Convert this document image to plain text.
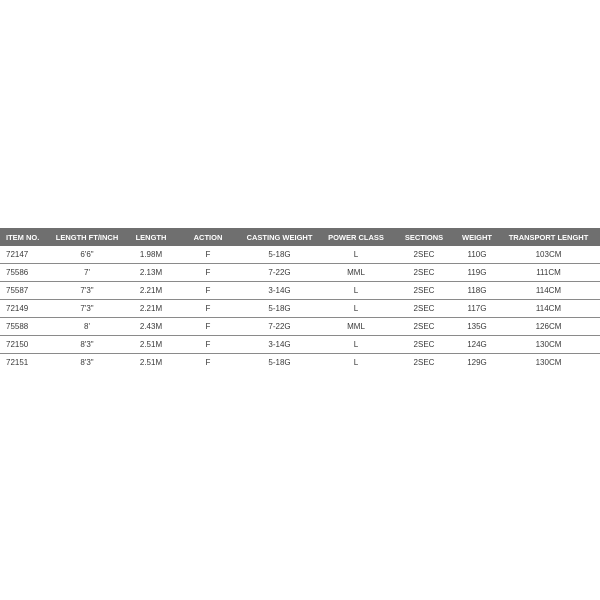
ITEM NO.	LENGTH FT/INCH	LENGTH	ACTION	CASTING WEIGHT	POWER CLASS	SECTIONS	WEIGHT	TRANSPORT LENGHT
72147	6'6"	1.98M	F	5-18G	L	2SEC	110G	103CM
75586	7'	2.13M	F	7-22G	MML	2SEC	119G	111CM
75587	7'3"	2.21M	F	3-14G	L	2SEC	118G	114CM
72149	7'3"	2.21M	F	5-18G	L	2SEC	117G	114CM
75588	8'	2.43M	F	7-22G	MML	2SEC	135G	126CM
72150	8'3"	2.51M	F	3-14G	L	2SEC	124G	130CM
72151	8'3"	2.51M	F	5-18G	L	2SEC	129G	130CM
